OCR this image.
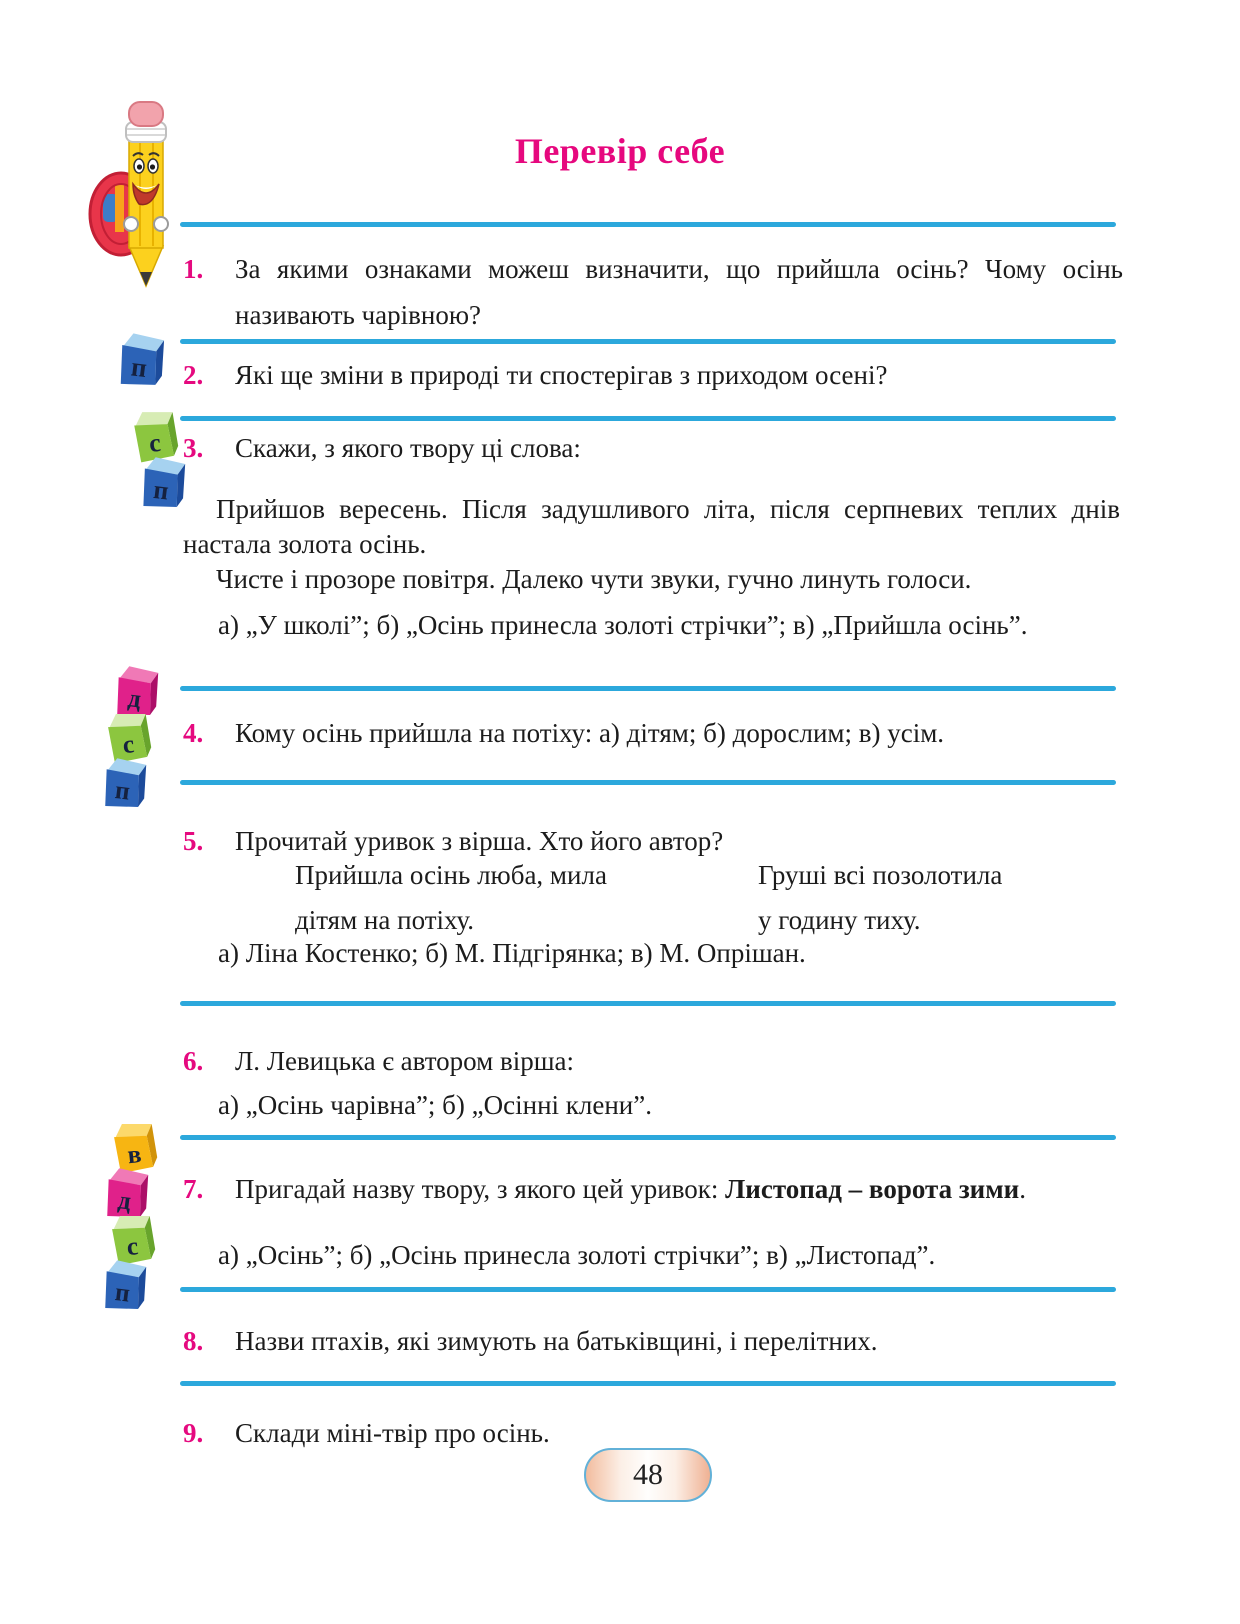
Перевір себе
1.	За якими ознаками можеш визначити, що прийшла осінь? Чому осінь називають чарівною?
п 2.	Які ще зміни в природі ти спостерігав з приходом осені?
с
п
3.	Скажи, з якого твору ці слова:

Прийшов вересень. Після задушливого літа, після серпневих теплих днів настала золота осінь.

Чисте і прозоре повітря. Далеко чути звуки, гучно линуть голоси.

а) „У школі”; б) „Осінь принесла золоті стрічки”; в) „Прийшла осінь”.
д
с
п
4.	Кому осінь прийшла на потіху: а) дітям; б) дорослим; в) усім.
5.	Прочитай уривок з вірша. Хто його автор?
Прийшла осінь люба, мила
дітям на потіху.
Груші всі позолотила
у годину тиху.
а) Ліна Костенко; б) М. Підгірянка; в) М. Опрішан.
6.	Л. Левицька є автором вірша:
а) „Осінь чарівна”; б) „Осінні клени”.
в
д
с
п
7.	Пригадай назву твору, з якого цей уривок: Листопад – ворота зими.
а) „Осінь”; б) „Осінь принесла золоті стрічки”; в) „Листопад”.
8.	Назви птахів, які зимують на батьківщині, і перелітних.
9.	Склади міні-твір про осінь.
48
